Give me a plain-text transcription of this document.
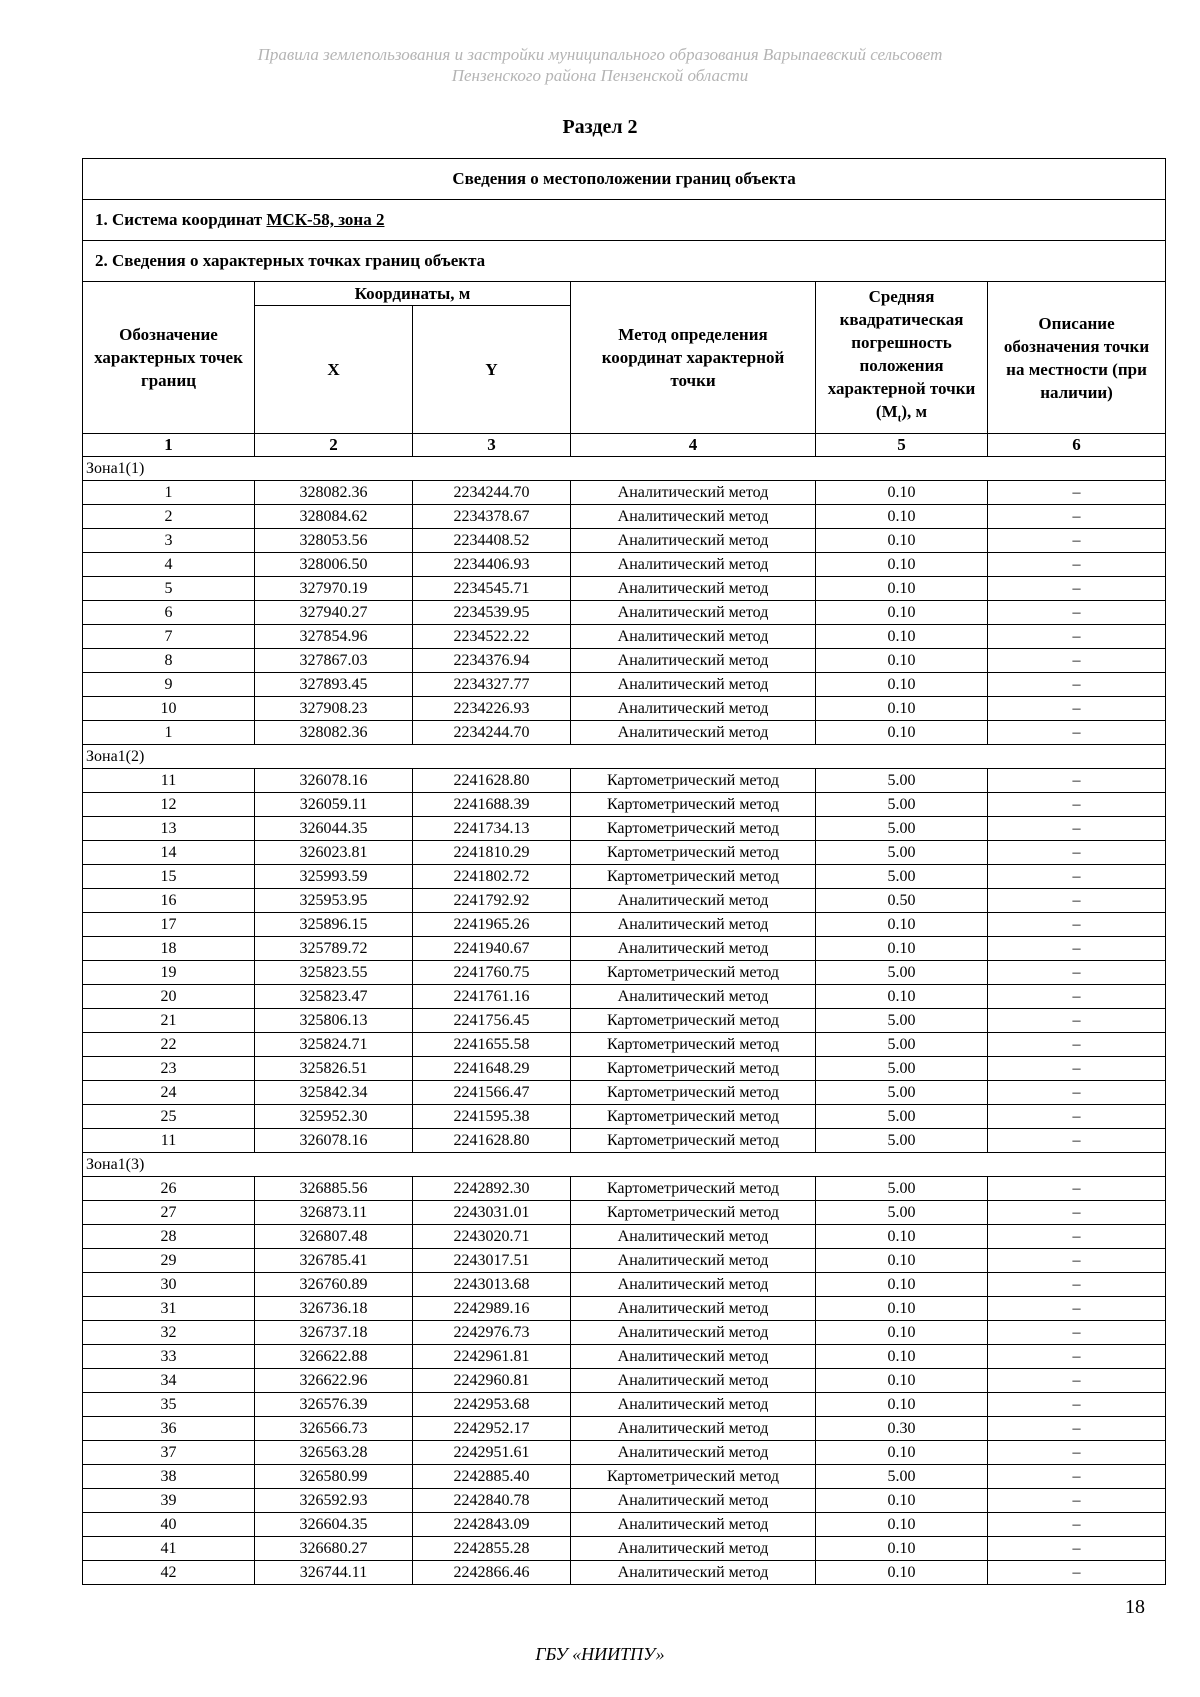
Правила землепользования и застройки муниципального образования Варыпаевский сельсовет
Пензенского района Пензенской области
Раздел 2
Сведения о местоположении границ объекта					
1. Система координат МСК-58, зона 2					
2. Сведения о характерных точках границ объекта					
Обозначение характерных точек границ	Координаты, м		Метод определения координат характерной точки	Средняя квадратическая погрешность положения характерной точки $(M_t)$, м	Описание обозначения точки на местности (при наличии)
	X	Y			
1	2	3	4	5	6
Зона1(1)					
1	328082.36	2234244.70	Аналитический метод	0.10	–
2	328084.62	2234378.67	Аналитический метод	0.10	–
3	328053.56	2234408.52	Аналитический метод	0.10	–
4	328006.50	2234406.93	Аналитический метод	0.10	–
5	327970.19	2234545.71	Аналитический метод	0.10	–
6	327940.27	2234539.95	Аналитический метод	0.10	–
7	327854.96	2234522.22	Аналитический метод	0.10	–
8	327867.03	2234376.94	Аналитический метод	0.10	–
9	327893.45	2234327.77	Аналитический метод	0.10	–
10	327908.23	2234226.93	Аналитический метод	0.10	–
1	328082.36	2234244.70	Аналитический метод	0.10	–
Зона1(2)					
11	326078.16	2241628.80	Картометрический метод	5.00	–
12	326059.11	2241688.39	Картометрический метод	5.00	–
13	326044.35	2241734.13	Картометрический метод	5.00	–
14	326023.81	2241810.29	Картометрический метод	5.00	–
15	325993.59	2241802.72	Картометрический метод	5.00	–
16	325953.95	2241792.92	Аналитический метод	0.50	–
17	325896.15	2241965.26	Аналитический метод	0.10	–
18	325789.72	2241940.67	Аналитический метод	0.10	–
19	325823.55	2241760.75	Картометрический метод	5.00	–
20	325823.47	2241761.16	Аналитический метод	0.10	–
21	325806.13	2241756.45	Картометрический метод	5.00	–
22	325824.71	2241655.58	Картометрический метод	5.00	–
23	325826.51	2241648.29	Картометрический метод	5.00	–
24	325842.34	2241566.47	Картометрический метод	5.00	–
25	325952.30	2241595.38	Картометрический метод	5.00	–
11	326078.16	2241628.80	Картометрический метод	5.00	–
Зона1(3)					
26	326885.56	2242892.30	Картометрический метод	5.00	–
27	326873.11	2243031.01	Картометрический метод	5.00	–
28	326807.48	2243020.71	Аналитический метод	0.10	–
29	326785.41	2243017.51	Аналитический метод	0.10	–
30	326760.89	2243013.68	Аналитический метод	0.10	–
31	326736.18	2242989.16	Аналитический метод	0.10	–
32	326737.18	2242976.73	Аналитический метод	0.10	–
33	326622.88	2242961.81	Аналитический метод	0.10	–
34	326622.96	2242960.81	Аналитический метод	0.10	–
35	326576.39	2242953.68	Аналитический метод	0.10	–
36	326566.73	2242952.17	Аналитический метод	0.30	–
37	326563.28	2242951.61	Аналитический метод	0.10	–
38	326580.99	2242885.40	Картометрический метод	5.00	–
39	326592.93	2242840.78	Аналитический метод	0.10	–
40	326604.35	2242843.09	Аналитический метод	0.10	–
41	326680.27	2242855.28	Аналитический метод	0.10	–
42	326744.11	2242866.46	Аналитический метод	0.10	–
18
ГБУ «НИИТПУ»
